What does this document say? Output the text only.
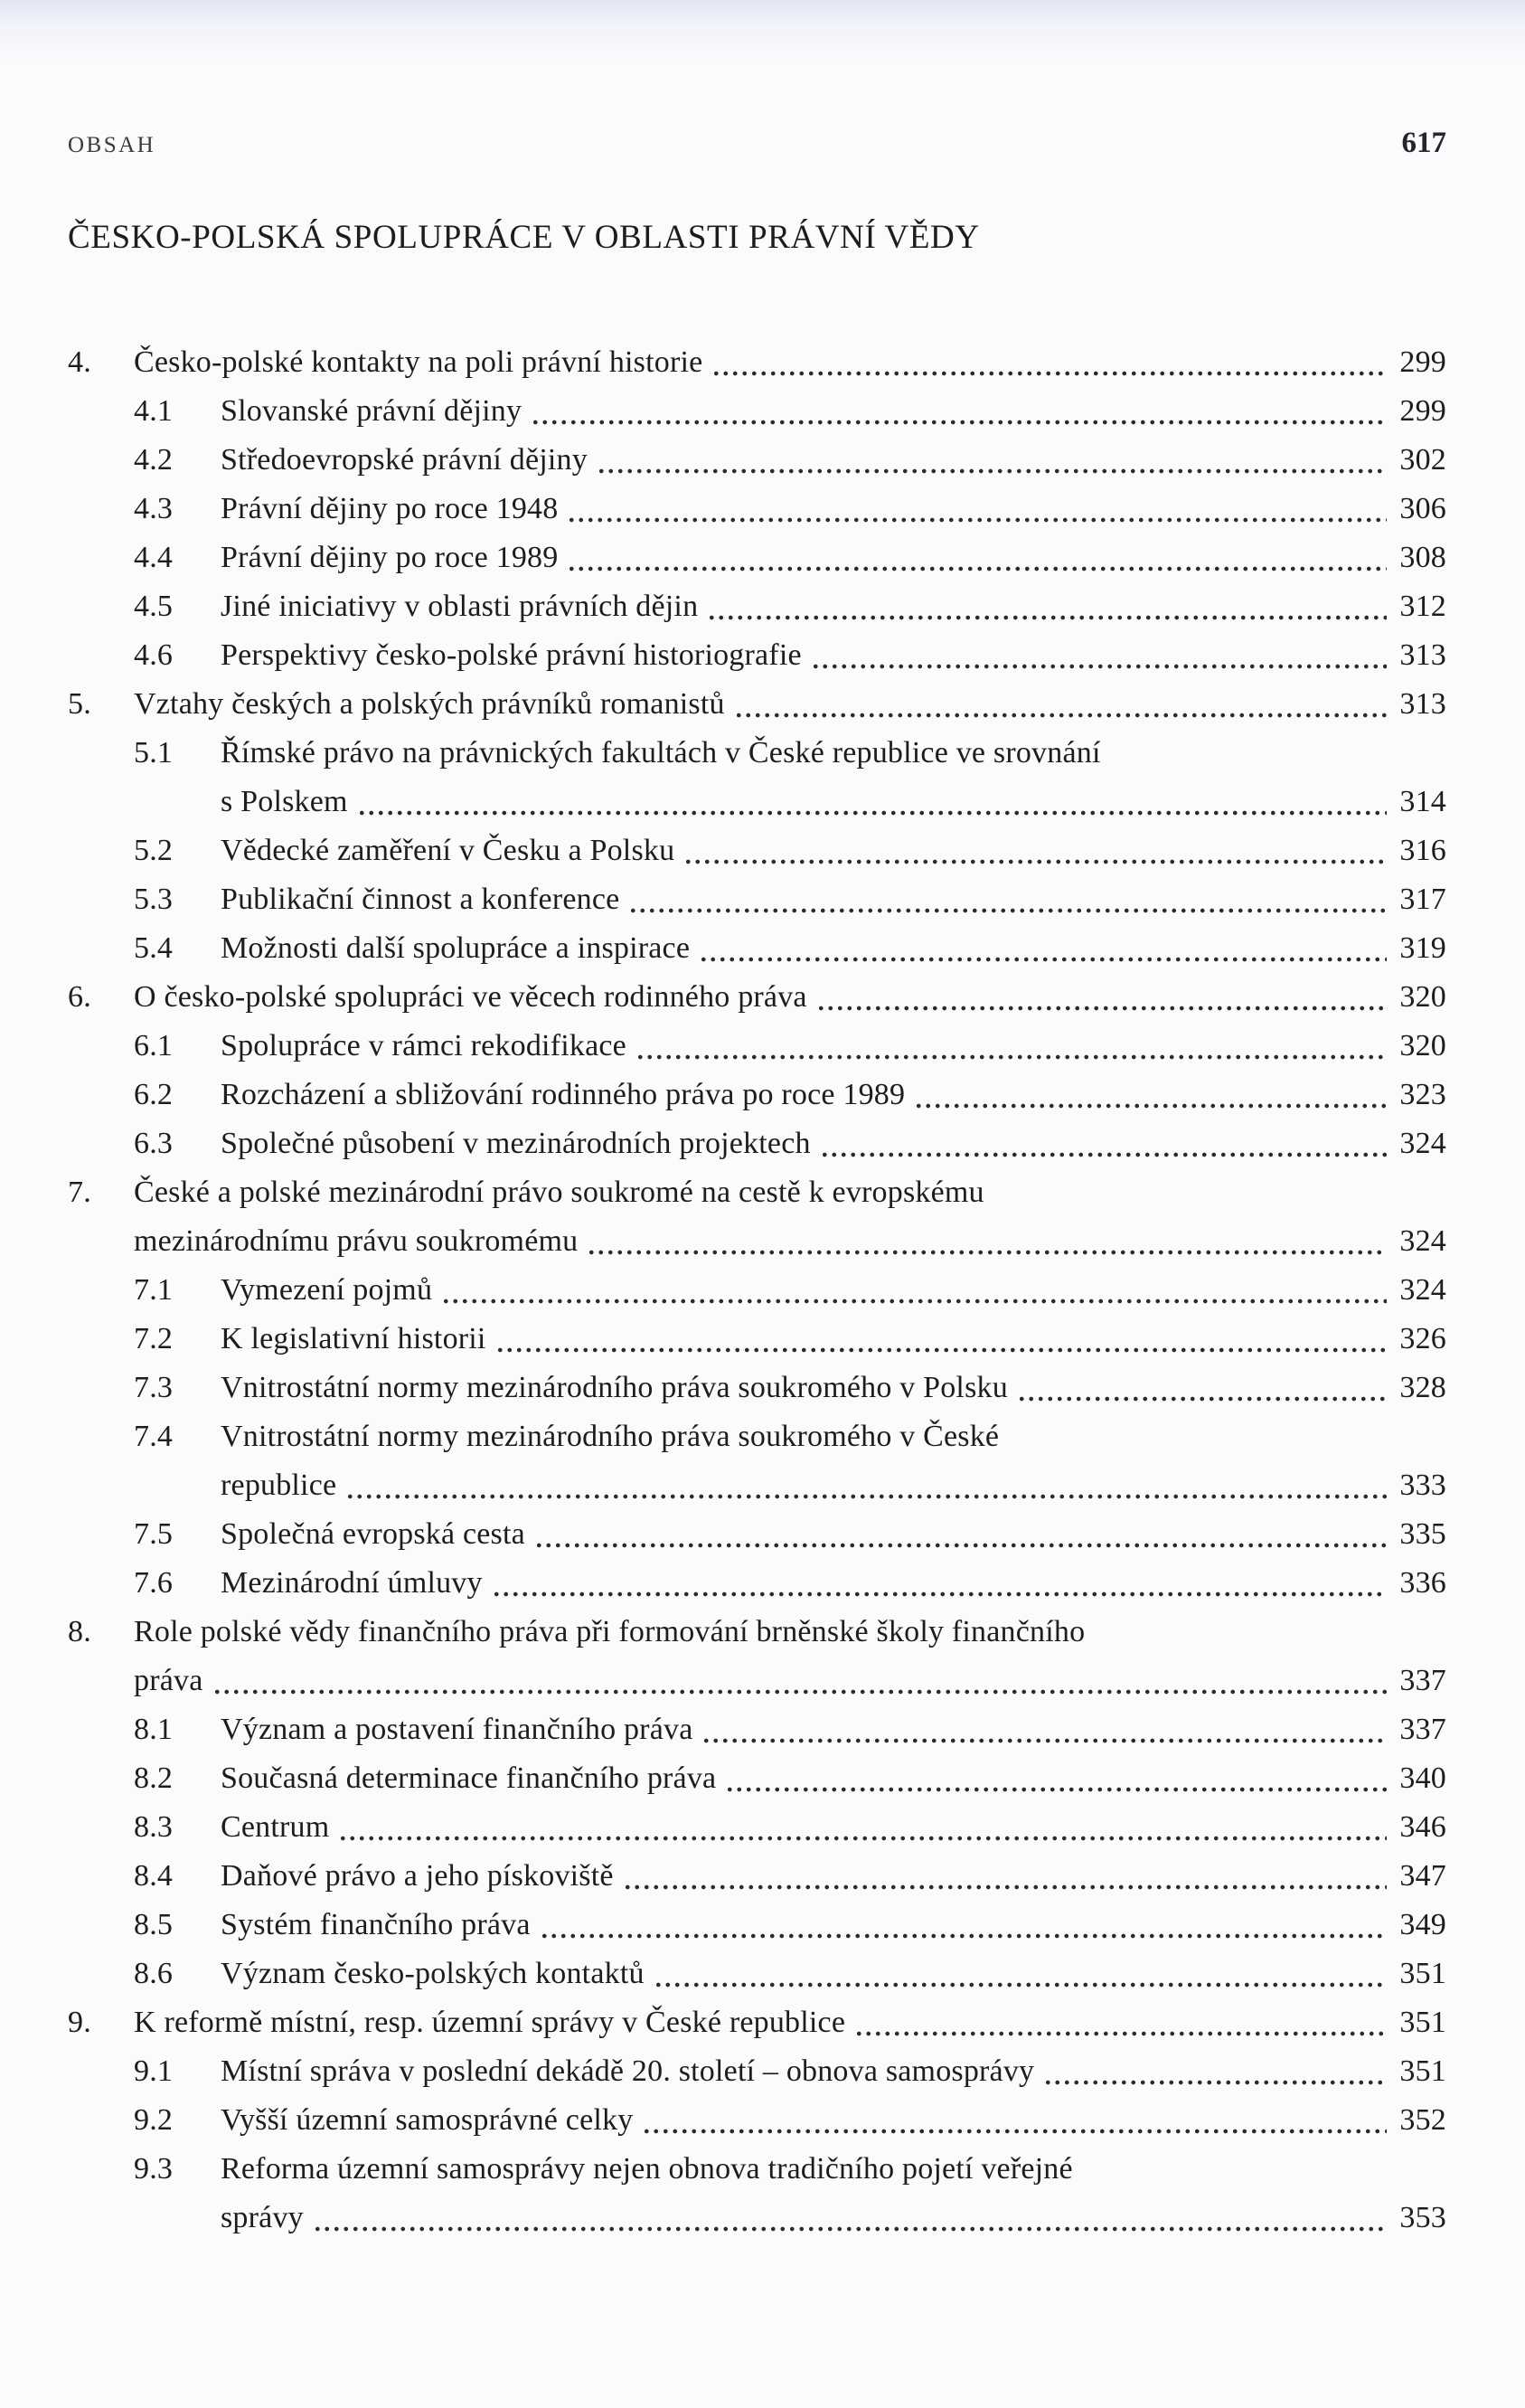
OBSAH	617
ČESKO-POLSKÁ SPOLUPRÁCE V OBLASTI PRÁVNÍ VĚDY
4.	Česko-polské kontakty na poli právní historie	299
4.1	Slovanské právní dějiny	299
4.2	Středoevropské právní dějiny	302
4.3	Právní dějiny po roce 1948	306
4.4	Právní dějiny po roce 1989	308
4.5	Jiné iniciativy v oblasti právních dějin	312
4.6	Perspektivy česko-polské právní historiografie	313
5.	Vztahy českých a polských právníků romanistů	313
5.1	Římské právo na právnických fakultách v České republice ve srovnání
s Polskem	314
5.2	Vědecké zaměření v Česku a Polsku	316
5.3	Publikační činnost a konference	317
5.4	Možnosti další spolupráce a inspirace	319
6.	O česko-polské spolupráci ve věcech rodinného práva	320
6.1	Spolupráce v rámci rekodifikace	320
6.2	Rozcházení a sbližování rodinného práva po roce 1989	323
6.3	Společné působení v mezinárodních projektech	324
7.	České a polské mezinárodní právo soukromé na cestě k evropskému
mezinárodnímu právu soukromému	324
7.1	Vymezení pojmů	324
7.2	K legislativní historii	326
7.3	Vnitrostátní normy mezinárodního práva soukromého v Polsku	328
7.4	Vnitrostátní normy mezinárodního práva soukromého v České
republice	333
7.5	Společná evropská cesta	335
7.6	Mezinárodní úmluvy	336
8.	Role polské vědy finančního práva při formování brněnské školy finančního
práva	337
8.1	Význam a postavení finančního práva	337
8.2	Současná determinace finančního práva	340
8.3	Centrum	346
8.4	Daňové právo a jeho pískoviště	347
8.5	Systém finančního práva	349
8.6	Význam česko-polských kontaktů	351
9.	K reformě místní, resp. územní správy v České republice	351
9.1	Místní správa v poslední dekádě 20. století – obnova samosprávy	351
9.2	Vyšší územní samosprávné celky	352
9.3	Reforma územní samosprávy nejen obnova tradičního pojetí veřejné
správy	353
